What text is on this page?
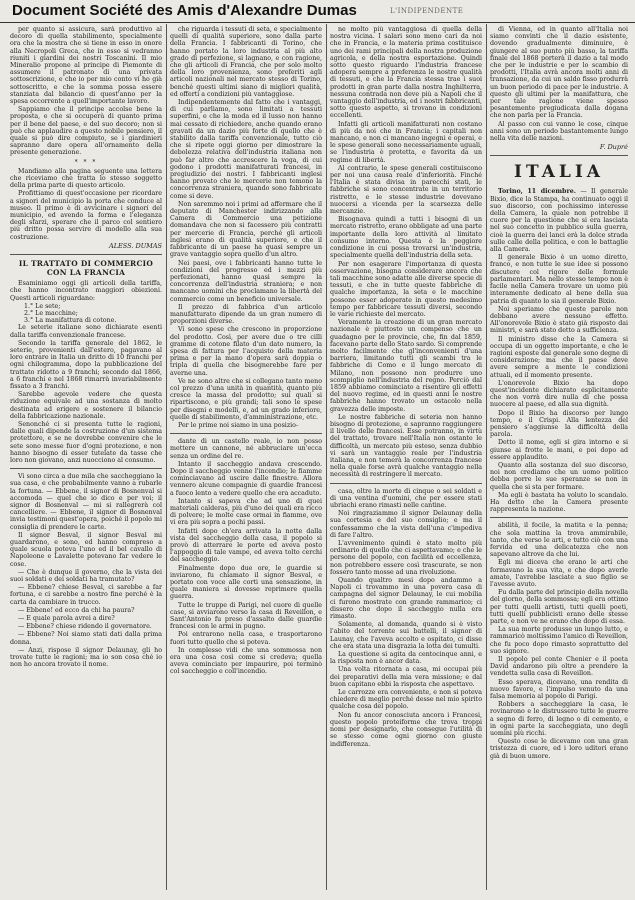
Document Société des Amis d'Alexandre Dumas	L'INDIPENDENTE

per quanto si assicura, sarà produttivo al decoro di quella stabilimento, specialmente ora che la mostra che si tiene in esso in onore alla Necropoli Greca, che in esso si vedranno riuniti i giardini dei nostri Toscanini. Il mio Mineralio propone al principe di Piemonte di assumere il patronato di una privata sottoscrizione, e che io per mio conto vi ho già sottoscritto, e che la somma possa essere stanziata dal bilancio di quest'anno per la spesa occorrente a quell'importante lavoro.

Sappiamo che il principe accolse bene la proposta, e che si occuperà di quanto prima per il bene del paese, e del suo decoro; non si può che applaudire a questo nobile pensiero, il quale si può dire compiuto, se i giardinieri sapranno dare opera all'ornamento della presente generazione.

* * *

Mandiamo alla pagina seguente una lettera che riceviamo che tratta lo stesso soggetto della prima parte di questo articolo.

Profittiamo di quest'occasione per ricordare a signori del municipio la porta che conduce al museo. Il primo è di avvicinare i signori del municipio, ed avendo la forma e l'eleganza degli sfarzi, sperare che il parco col sentiero più dritto possa servire di modello alla sua costruzione.

ALESS. DUMAS
IL TRATTATO DI COMMERCIO CON LA FRANCIA

Esaminiamo oggi gli articoli della tariffa, che hanno incontrato maggiori obiezioni. Questi articoli riguardano:

1.° Le sete;
2.° Le macchine;
3.° La manifattura di cotone.

Le seterie italiane sono dichiarate esenti dalla tariffa convenzionale francese.

Secondo la tariffa generale del 1862, le seterie, provenienti dall'estero, pagavano al loro entrare in Italia un dritto di 10 franchi per ogni chilogramma, dopo la pubblicazione del trattato ridotto a 9 franchi; secondo dal 1866, a 6 franchi e nel 1868 rimarrà invariabilmente fissato a 3 franchi.

Sarebbe agevole vedere che questa riduzione equivale ad una sostanza di molto destinata ad erigere e sostenere il bilancio della fabbricazione nazionale.

Senonché ci si presenta tutte le ragioni, dalle quali dipende la costruzione d'un sistema protettore, e se ne dovrebbe convenire che le sete sono messe fuor d'ogni protezione, e non hanno bisogno di esser tutelate da tasse che loro non giovano, anzi nuocciono al consumo.

Vi sono circa a due mila che saccheggiano la sua casa, e che probabilmente vanno a rubarle la fortuna. — Ebbene, il signor di Bosnenval si accomoda — quel che io dico e per voi; il signor di Bosnenval — mi si rallegrerà col cancelliere. — Ebbene, il signor di Bosnenval invia testimoni quest'opera, poiché il popolo mi consiglia di prendere le carte.

Il signor Besval, il signor Besval mi guardarono, e sono, ed hanno compreso a quale scuola poteva l'uno ed il bel cavallo di Napoleone e Lavalette potevano far vedere le cose.

— Che è dunque il governo, che la vista dei suoi soldati e dei soldati ha tramutato?

— Ebbene? chiese Besval, ci sarebbe a far fortuna, e ci sarebbe a nostro fine perché è la carta da cambiare in trucco.

— Ebbene! ed ecco da chi ha paura?

— E quale parola avrei a dire?

— Ebbene? chiese ridendo il governatore.

— Ebbene? Noi siamo stati dati dalla prima donna.

— Anzi, rispose il signor Delaunay, gli ho trovate tutte le ragioni; ma io son cosa ché io non ho ancora trovato il nome.

che riguarda i tessuti di seta, e specialmente quelli di qualità superiore, sono dalla parte della Francia. I fabbricanti di Torino, che hanno portato la loro industria al più alto grado di perfezione, si lagnano, e con ragione, che gli articoli di Francia, che per solo molto della loro provenienza, sono preferiti agli articoli nazionali nel mercato stesso di Torino, benché questi ultimi siano di migliori qualità, ed offerti a condizioni più vantaggiose.

Indipendentemente dal fatto che i vantaggi, di cui parliamo, sono limitati a tessuti superfini, e che la moda ed il lusso non hanno mai cessato di richiedere, anche quando erano gravati da un dazio più forte di quello che è stabilito dalla tariffa convenzionale, tutto ciò che si ripete oggi giorno per dimostrare la debolezza relativa dell'industria italiana non può far altro che accrescere la voga, di cui godono i prodotti manifatturati francesi, in pregiudizio dei nostri. I fabbricanti inglesi hanno provato che le mercerie non temono la concorrenza straniera, quando sono fabbricate come si deve.

Non saremmo noi i primi ad affermare che il deputato di Manchester indirizzando alla Camera di Commercio una petizione domandava che non si facessero più contratti per mercerie di Francia, perché gli articoli inglesi erano di qualità superiore, e che il fabbricante di un paese ha quasi sempre un grave vantaggio sopra quello d'un altro.

Nei paesi, ove i fabbricanti hanno tutte le condizioni del progresso ed i mezzi più perfezionati, hanno quasi sempre la concorrenza dell'industria straniera; e non mancano uomini che proclamano la libertà del commercio come un beneficio universale.

Il prezzo di fabbrica d'un articolo manufatturato dipende da un gran numero di proporzioni diverse.

Vi sono spese che crescono in proporzione del prodotto. Così, per avere due o tre cilli gramme di cotone filato d'un dato numero, la spesa di fattura per l'acquisto della materia prima e per la mano d'opera sarà doppia o tripla di quella che bisognerebbe fare per averne una.

Ve ne sono altre che si collegano tanto meno col prezzo d'una unità in quantità, quanto più cresce la massa del prodotto; sui quali si ripartiscono, e più grandi; tali sono le spese per disegni e modelli, e, ad un grado inferiore, quelle di stabilimento, d'amministrazione, etc.

Per le prime noi siamo in una posizio-

dante di un castello reale, io non posso mettere un cannone, né abbruciare un'ecca senza un ordine del re.

Intanto il saccheggio andava crescendo. Dopo il saccheggio venne l'incendio; le fiamme cominciavano ad uscire dalle finestre. Allora vennero alcune compagnie di guardie francesi a fuoco lento a vedere quello che era accaduto.

Intanto si sapeva che ad uno di quei materiali calderas, più d'uno dei quali era ricco di polvere; le molte case ormai in fiamme, ove vi era più sopra a pochi passi.

Infatti dopo ch'era arrivata la notte dalla vista del saccheggio della casa, il popolo si provò di atterrare le porte ed aveva posto l'appoggio di tale vampe, ed aveva tolto cerchi del saccheggio.

Finalmente dopo due ore, le guardie si inviarono, fu chiamato il signor Besval, e portato con voce alle corti una sensazione, in quale maniera si dovesse reprimere quella guerra.

Tutte le truppe di Parigi, nel cuore di quelle case, si avviarono verso la casa di Reveillon, e Sant'Antonio fu preso d'assalto dalle guardie francesi con le armi in pugno.

Poi entrarono nella casa, e trasportarono fuori tutto quello che si poteva.

In complesso vidi che una sommossa non era una cosa così come si credeva; quella aveva cominciato per impaurire, poi terminò col saccheggio e coll'incendio.

ne molto più vantaggiosa di quella della nostra vicina. I salari sono meno cari da noi che in Francia, e la materia prima costituisce uno dei rami principali della nostra produzione agricola, e della nostra esportazione. Quindi sotto questo riguardo l'industria francese adopera sempre a preferenza le nostre qualità di tessuti, e che la Francia stessa trae i suoi prodotti in gran parte dalla nostra Inghilterra, nessuna contrada non deve più a Napoli che il vantaggio dell'industria, ed i nostri fabbricanti, sotto questo aspetto, si trovano in condizioni eccellenti.

Infatti gli articoli manifatturati non costano di più da noi che in Francia; i capitali non mancano, e non ci mancano ingegni e operai, e le spese generali sono necessariamente uguali, se l'industria è protetta, e favorita da un regime di libertà.

Al contrario, le spese generali costituiscono per noi una causa reale d'inferiorità. Finché l'Italia è stata divisa in parecchi stati, le fabbriche si sono concentrate in un territorio ristretto, e le stesse industrie dovevano nuocersi a vicenda per la scarsezza delle mercanzie.

Bisognava quindi a tutti i bisogni di un mercato ristretto, erano obbligate ad una parte importante della loro attività al limitato consumo interno. Questa è la peggiore condizione in cui possa trovarsi un'industria, specialmente quella dell'industria della seta.

Per non esagerare l'importanza di questa osservazione, bisogna considerare ancora che tali macchine sono adatte alle diverse specie di tessuti, e che in tutte queste fabbriche di qualche importanza, la seta e le macchine possono esser adoperate in questo medesimo tempo per fabbricare tessuti diversi, secondo le varie richieste del mercato.

Veramente la creazione di un gran mercato nazionale è piuttosto un compenso che un guadagno per le provincie, che, fin dal 1859, facevano parte dello Stato sardo. Si comprende molto facilmente che gl'inconvenienti d'una barriera, limitando tutti gli scambi tra le fabbriche di Como e il lungo mercato di Milano, non possono non produrre uno scompiglio nell'industria del regno. Perciò dal 1859 abbiamo cominciato a risentire gli effetti del nuovo regime, ed in questi anni le nostre fabbriche hanno trovato un ostacolo nella gravezza delle imposte.

Le nostre fabbriche di seteria non hanno bisogno di protezione, e sapranno raggiungere il livello delle francesi. Esse potranno, in virtù del trattato, trovare nell'Italia non ostante le difficoltà, un mercato più esteso, senza dubbio vi sarà un vantaggio reale per l'industria italiana, e non temerà la concorrenza francese nella quale forse avrà qualche vantaggio nella necessità di restringere il mercato.

casa, oltre la morte di cinque o sei soldati e di una ventina d'uomini, che per essere stati ubriachi erano rimasti nelle cantine.

Noi ringraziammo il signor Delaunay della sua cortesia e del suo consiglio; e ma il confessammo che la vista dell'una c'impediva di fare l'altro.

L'avvenimento quindi è stato molto più ordinario di quello che ci aspettavamo; e che le persone del popolo, con facilità ed eccellenza, non potrebbero essere così trascurate, se non fossero tanto mosse ad una rivoluzione.

Quando qualtro mesi dopo andammo a Napoli ci trovammo in una povera casa di campagna del signor Delaunay, le cui mobilia ci furono mostrate con grande rammarico; ci dissero che dopo il saccheggio nulla era rimasto.

Solamente, al domanda, quando si è visto l'abito del torrente sui battelli, il signor di Launay, che l'aveva accolto e ospitato, ci disse che era stata una disgrazia la lotta dei tumulti.

La questione si agita da centocinque anni, e la risposta non è ancor data.

Una volta ritornata a casa, mi occupai più dei preparativi della mia vera missione; e dal buon capitano ebbi la risposta che aspettavo.

Le carrozze era conveniente, e non si poteva chiedere di meglio perché desse nel mio spirito qualche cosa del popolo.

Non fu ancor conosciuta ancora i Francesi, questo popolo proteiforme che trova troppi nomi per designarlo, che consegue l'utilità di se stesso come ogni giorno con giuste indifferenza.

di Vienna, ed in quanto all'Italia noi siamo convinti che il dazio esistente, dovendo gradualmente diminuire, è giungere al suo punto più basso, la tariffa finale del 1868 porterà il dazio a tal modo che per le industrie e per lo scambio di prodotti, l'Italia avrà ancora molti anni di transazione, da cui un saldo fisso produrrà un buon periodo di pace per le industrie. A questo gli ultimi per la manifattura, che per tale ragione viene spesso pesantemente pregiudicata dalla dogana che non parla per la Francia.

Al passo con cui vanno le cose, cinque anni sono un periodo bastantemente lungo nella vita delle nazioni.

F. Dupré
ITALIA

Torino, 11 dicembre. — Il generale Bixio, dice la Stampa, ha continuato oggi il suo discorso, con pochissimo interesse della Camera, la quale non potrebbe il cuore per la questione che si era lasciata nel suo concetto in pubblico sulla guerra, cioè la guerra dei lanci erà la dolce strada sulle calle della politica, e con le battaglie alla Camera.

Il generale Bixio è un uomo diretto, franco, e non tutte le sue idee si possono discutere col rigore delle formule parlamentari. Ma nello stesso tempo non è facile nella Camera trovare un uomo più interamente dedicato al bene della sua patria di quanto lo sia il generale Bixio.

Noi speriamo che queste parole non debbano avere nessuno effetto. All'onorevole Bixio è stato già risposto dai ministri, e sarà stato detto a sufficienza.

Il ministro disse che la Camera si occupa di un oggetto importante, e che le ragioni esposte dal generale sono degne di considerazione; ma che il paese deve avere sempre a mente le condizioni attuali, ed il momento presente.

L'onorevole Bixio ha dopo quest'incidente dichiarato esplicitamente che non vorrà dire nulla di che possa nuocere al paese, ed alla sua dignità.

Dopo il Bixio ha discorso per lungo tempo, e il Crispi. Alla lentezza del pensiero s'aggiunse la difficoltà della parola.

Detto il nome, egli si gira intorno e si giunse ai frotte le mani, e poi dopo ad essere applaudito.

Quanto alla sostanza del suo discorso, noi non crediamo che un uomo politico debba porre le sue speranze se non in quella che si sta per formare.

Ma egli è bastata ha voluto lo scandalo. Ha detto che la Camera presente rappresenta la nazione.

abilità, il focile, la matita e la penna; che sola mattina la trova ammirabile, tanto, che verso le arti, e tutto ciò con una fervida ed una delicatezza che non sapevano altrove da che lui.

Egli mi diceva che erano le arti che formavano la sua vita, e che dopo averle amate, l'avrebbe lasciate a suo figlio se l'avesse avuto.

Fu dalla parte del principio della novella del giorno, della sommossa; egli era ottimo per tutti quelli artisti, tutti quelli poeti, tutti quelli pubblicisti erano delle stesse parte, e non ve ne erano che dopo di essa.

La sua morte produsse un lungo lutto, e rammaricò moltissimo l'amico di Reveillon, che fu poco dopo rimasto soprattutto del suo signore.

Il popolo pel conte Chenier e il poeta David andarono più oltre a prendere la vendetta sulla casa di Reveillon.

Esso sperava, dicevano, una rendita di nuovo favore, e l'impulso venuto da una falsa memoria al popolo di Parigi.

Robbers a saccheggiare la casa, le rovinarono e le distrussero tutte le guerre a segno di ferro, di legno o di cemento, e in ogni parte la saccheggiata, uno degli uomini più ricchi.

Questo cose le dicevamo con una gran tristezza di cuore, ed i loro uditori erano già di buon umore.
